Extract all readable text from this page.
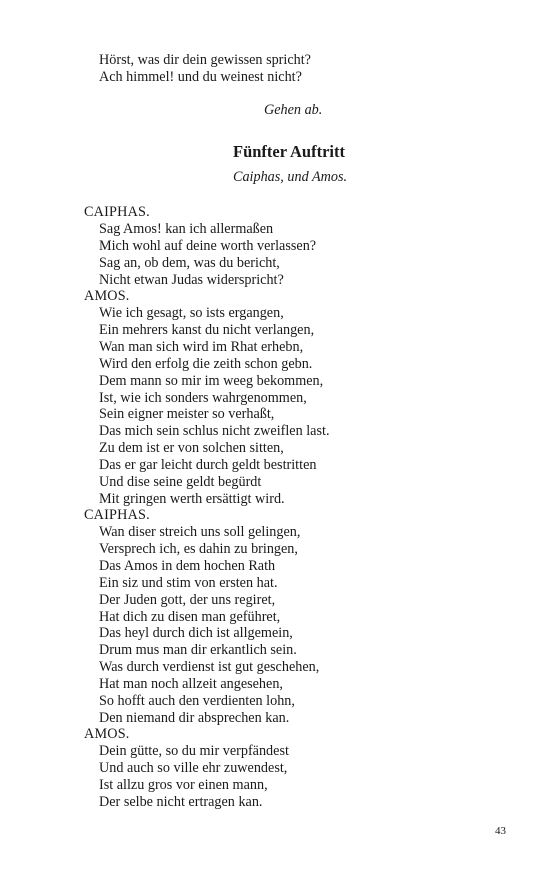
Hörst, was dir dein gewissen spricht?
Ach himmel! und du weinest nicht?
Gehen ab.
Fünfter Auftritt
Caiphas, und Amos.
CAIPHAS.
Sag Amos! kan ich allermaßen
Mich wohl auf deine worth verlassen?
Sag an, ob dem, was du bericht,
Nicht etwan Judas widerspricht?
AMOS.
Wie ich gesagt, so ists ergangen,
Ein mehrers kanst du nicht verlangen,
Wan man sich wird im Rhat erhebn,
Wird den erfolg die zeith schon gebn.
Dem mann so mir im weeg bekommen,
Ist, wie ich sonders wahrgenommen,
Sein eigner meister so verhaßt,
Das mich sein schlus nicht zweiflen last.
Zu dem ist er von solchen sitten,
Das er gar leicht durch geldt bestritten
Und dise seine geldt begürdt
Mit gringen werth ersättigt wird.
CAIPHAS.
Wan diser streich uns soll gelingen,
Versprech ich, es dahin zu bringen,
Das Amos in dem hochen Rath
Ein siz und stim von ersten hat.
Der Juden gott, der uns regiret,
Hat dich zu disen man geführet,
Das heyl durch dich ist allgemein,
Drum mus man dir erkantlich sein.
Was durch verdienst ist gut geschehen,
Hat man noch allzeit angesehen,
So hofft auch den verdienten lohn,
Den niemand dir absprechen kan.
AMOS.
Dein gütte, so du mir verpfändest
Und auch so ville ehr zuwendest,
Ist allzu gros vor einen mann,
Der selbe nicht ertragen kan.
43
